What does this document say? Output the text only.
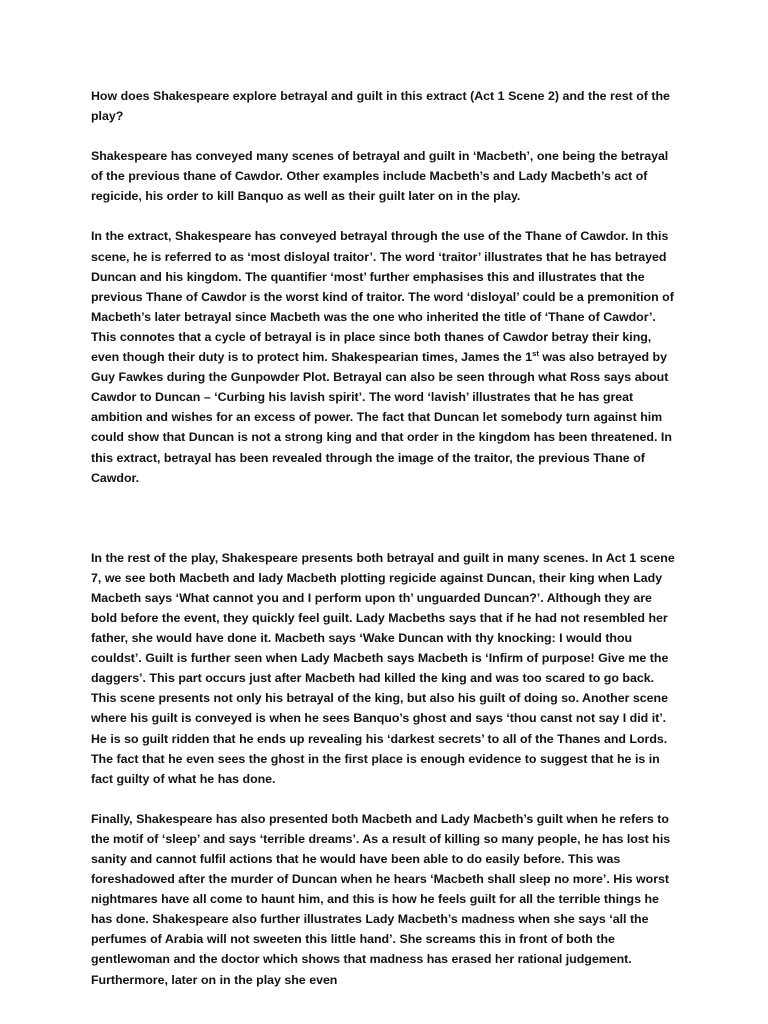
How does Shakespeare explore betrayal and guilt in this extract (Act 1 Scene 2) and the rest of the play?

Shakespeare has conveyed many scenes of betrayal and guilt in ‘Macbeth’, one being the betrayal of the previous thane of Cawdor. Other examples include Macbeth’s and Lady Macbeth’s act of regicide, his order to kill Banquo as well as their guilt later on in the play.

In the extract, Shakespeare has conveyed betrayal through the use of the Thane of Cawdor. In this scene, he is referred to as ‘most disloyal traitor’. The word ‘traitor’ illustrates that he has betrayed Duncan and his kingdom. The quantifier ‘most’ further emphasises this and illustrates that the previous Thane of Cawdor is the worst kind of traitor. The word ‘disloyal’ could be a premonition of Macbeth’s later betrayal since Macbeth was the one who inherited the title of ‘Thane of Cawdor’. This connotes that a cycle of betrayal is in place since both thanes of Cawdor betray their king, even though their duty is to protect him. Shakespearian times, James the 1st was also betrayed by Guy Fawkes during the Gunpowder Plot. Betrayal can also be seen through what Ross says about Cawdor to Duncan – ‘Curbing his lavish spirit’. The word ‘lavish’ illustrates that he has great ambition and wishes for an excess of power. The fact that Duncan let somebody turn against him could show that Duncan is not a strong king and that order in the kingdom has been threatened. In this extract, betrayal has been revealed through the image of the traitor, the previous Thane of Cawdor.

In the rest of the play, Shakespeare presents both betrayal and guilt in many scenes. In Act 1 scene 7, we see both Macbeth and lady Macbeth plotting regicide against Duncan, their king when Lady Macbeth says ‘What cannot you and I perform upon th’ unguarded Duncan?’. Although they are bold before the event, they quickly feel guilt. Lady Macbeths says that if he had not resembled her father, she would have done it. Macbeth says ‘Wake Duncan with thy knocking: I would thou couldst’. Guilt is further seen when Lady Macbeth says Macbeth is ‘Infirm of purpose! Give me the daggers’. This part occurs just after Macbeth had killed the king and was too scared to go back. This scene presents not only his betrayal of the king, but also his guilt of doing so. Another scene where his guilt is conveyed is when he sees Banquo’s ghost and says ‘thou canst not say I did it’. He is so guilt ridden that he ends up revealing his ‘darkest secrets’ to all of the Thanes and Lords. The fact that he even sees the ghost in the first place is enough evidence to suggest that he is in fact guilty of what he has done.

Finally, Shakespeare has also presented both Macbeth and Lady Macbeth’s guilt when he refers to the motif of ‘sleep’ and says ‘terrible dreams’. As a result of killing so many people, he has lost his sanity and cannot fulfil actions that he would have been able to do easily before. This was foreshadowed after the murder of Duncan when he hears ‘Macbeth shall sleep no more’. His worst nightmares have all come to haunt him, and this is how he feels guilt for all the terrible things he has done. Shakespeare also further illustrates Lady Macbeth’s madness when she says ‘all the perfumes of Arabia will not sweeten this little hand’. She screams this in front of both the gentlewoman and the doctor which shows that madness has erased her rational judgement. Furthermore, later on in the play she even
